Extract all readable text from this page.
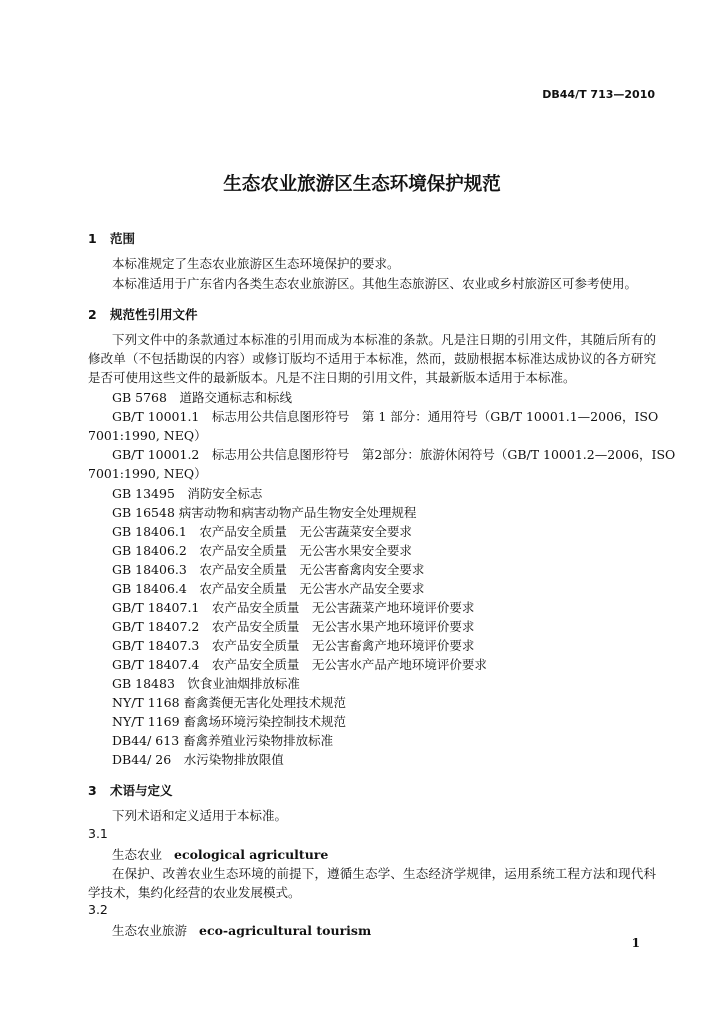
DB44/T 713—2010
生态农业旅游区生态环境保护规范
1 范围
本标准规定了生态农业旅游区生态环境保护的要求。
本标准适用于广东省内各类生态农业旅游区。其他生态旅游区、农业或乡村旅游区可参考使用。
2 规范性引用文件
下列文件中的条款通过本标准的引用而成为本标准的条款。凡是注日期的引用文件，其随后所有的修改单（不包括勘误的内容）或修订版均不适用于本标准，然而，鼓励根据本标准达成协议的各方研究是否可使用这些文件的最新版本。凡是不注日期的引用文件，其最新版本适用于本标准。
GB 5768　道路交通标志和标线
GB/T 10001.1　标志用公共信息图形符号　第 1 部分：通用符号（GB/T 10001.1—2006，ISO
7001:1990, NEQ）
GB/T 10001.2　标志用公共信息图形符号　第2部分：旅游休闲符号（GB/T 10001.2—2006，ISO
7001:1990, NEQ）
GB 13495　消防安全标志
GB 16548 病害动物和病害动物产品生物安全处理规程
GB 18406.1　农产品安全质量　无公害蔬菜安全要求
GB 18406.2　农产品安全质量　无公害水果安全要求
GB 18406.3　农产品安全质量　无公害畜禽肉安全要求
GB 18406.4　农产品安全质量　无公害水产品安全要求
GB/T 18407.1　农产品安全质量　无公害蔬菜产地环境评价要求
GB/T 18407.2　农产品安全质量　无公害水果产地环境评价要求
GB/T 18407.3　农产品安全质量　无公害畜禽产地环境评价要求
GB/T 18407.4　农产品安全质量　无公害水产品产地环境评价要求
GB 18483　饮食业油烟排放标准
NY/T 1168 畜禽粪便无害化处理技术规范
NY/T 1169 畜禽场环境污染控制技术规范
DB44/ 613 畜禽养殖业污染物排放标准
DB44/ 26　水污染物排放限值
3 术语与定义
下列术语和定义适用于本标准。
3.1
生态农业 ecological agriculture
在保护、改善农业生态环境的前提下，遵循生态学、生态经济学规律，运用系统工程方法和现代科学技术，集约化经营的农业发展模式。
3.2
生态农业旅游 eco-agricultural tourism
1
